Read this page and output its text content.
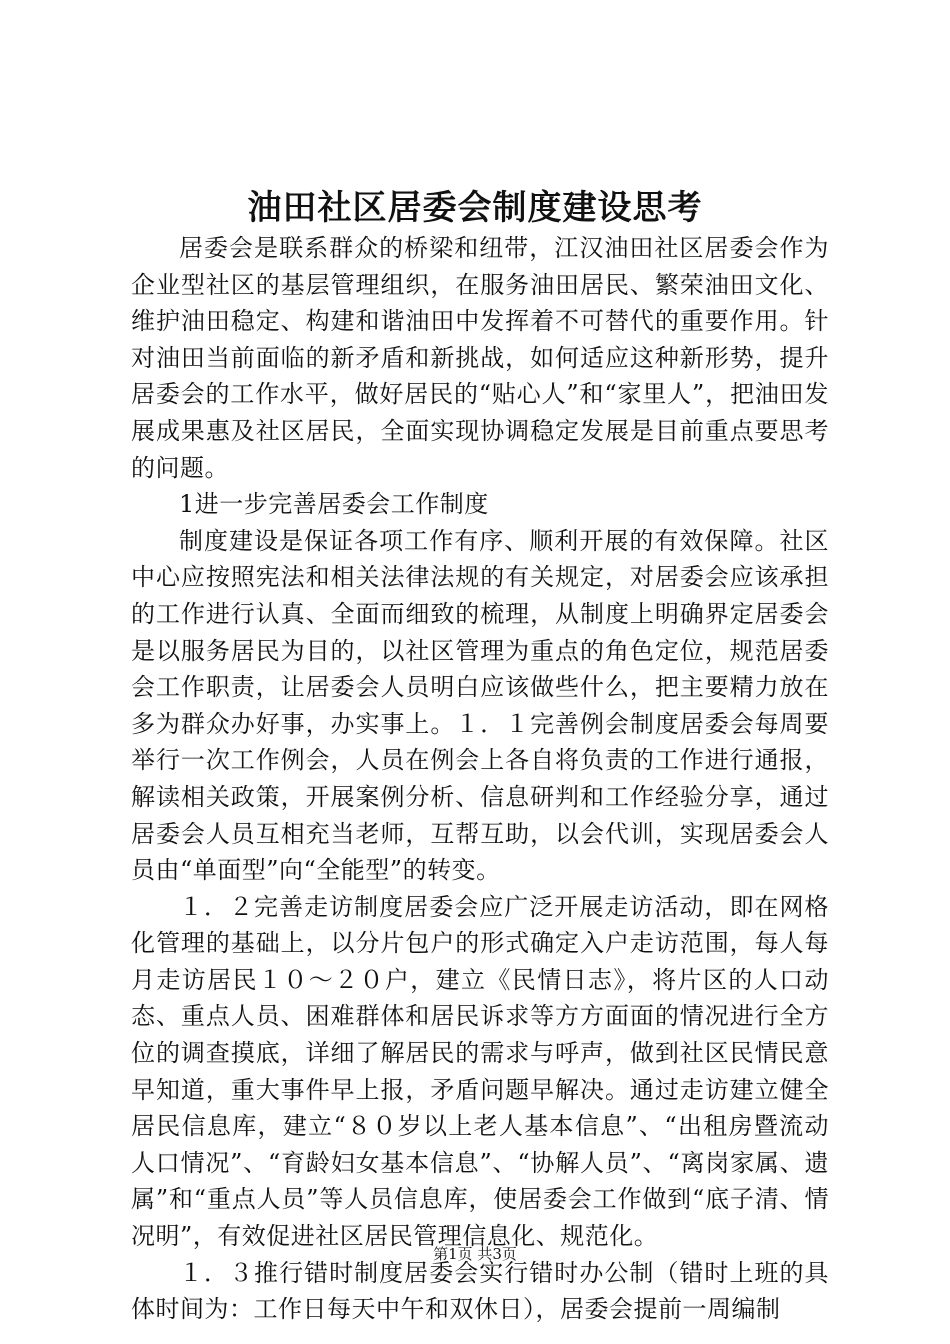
油田社区居委会制度建设思考

居委会是联系群众的桥梁和纽带，江汉油田社区居委会作为企业型社区的基层管理组织，在服务油田居民、繁荣油田文化、维护油田稳定、构建和谐油田中发挥着不可替代的重要作用。针对油田当前面临的新矛盾和新挑战，如何适应这种新形势，提升居委会的工作水平，做好居民的“贴心人”和“家里人”，把油田发展成果惠及社区居民，全面实现协调稳定发展是目前重点要思考的问题。

1进一步完善居委会工作制度

制度建设是保证各项工作有序、顺利开展的有效保障。社区中心应按照宪法和相关法律法规的有关规定，对居委会应该承担的工作进行认真、全面而细致的梳理，从制度上明确界定居委会是以服务居民为目的，以社区管理为重点的角色定位，规范居委会工作职责，让居委会人员明白应该做些什么，把主要精力放在多为群众办好事，办实事上。１．１完善例会制度居委会每周要举行一次工作例会，人员在例会上各自将负责的工作进行通报，解读相关政策，开展案例分析、信息研判和工作经验分享，通过居委会人员互相充当老师，互帮互助，以会代训，实现居委会人员由“单面型”向“全能型”的转变。

１．２完善走访制度居委会应广泛开展走访活动，即在网格化管理的基础上，以分片包户的形式确定入户走访范围，每人每月走访居民１０～２０户，建立《民情日志》，将片区的人口动态、重点人员、困难群体和居民诉求等方方面面的情况进行全方位的调查摸底，详细了解居民的需求与呼声，做到社区民情民意早知道，重大事件早上报，矛盾问题早解决。通过走访建立健全居民信息库，建立“８０岁以上老人基本信息”、“出租房暨流动人口情况”、“育龄妇女基本信息”、“协解人员”、“离岗家属、遗属”和“重点人员”等人员信息库，使居委会工作做到“底子清、情况明”，有效促进社区居民管理信息化、规范化。

１．３推行错时制度居委会实行错时办公制（错时上班的具体时间为：工作日每天中午和双休日），居委会提前一周编制

第1页 共3页
